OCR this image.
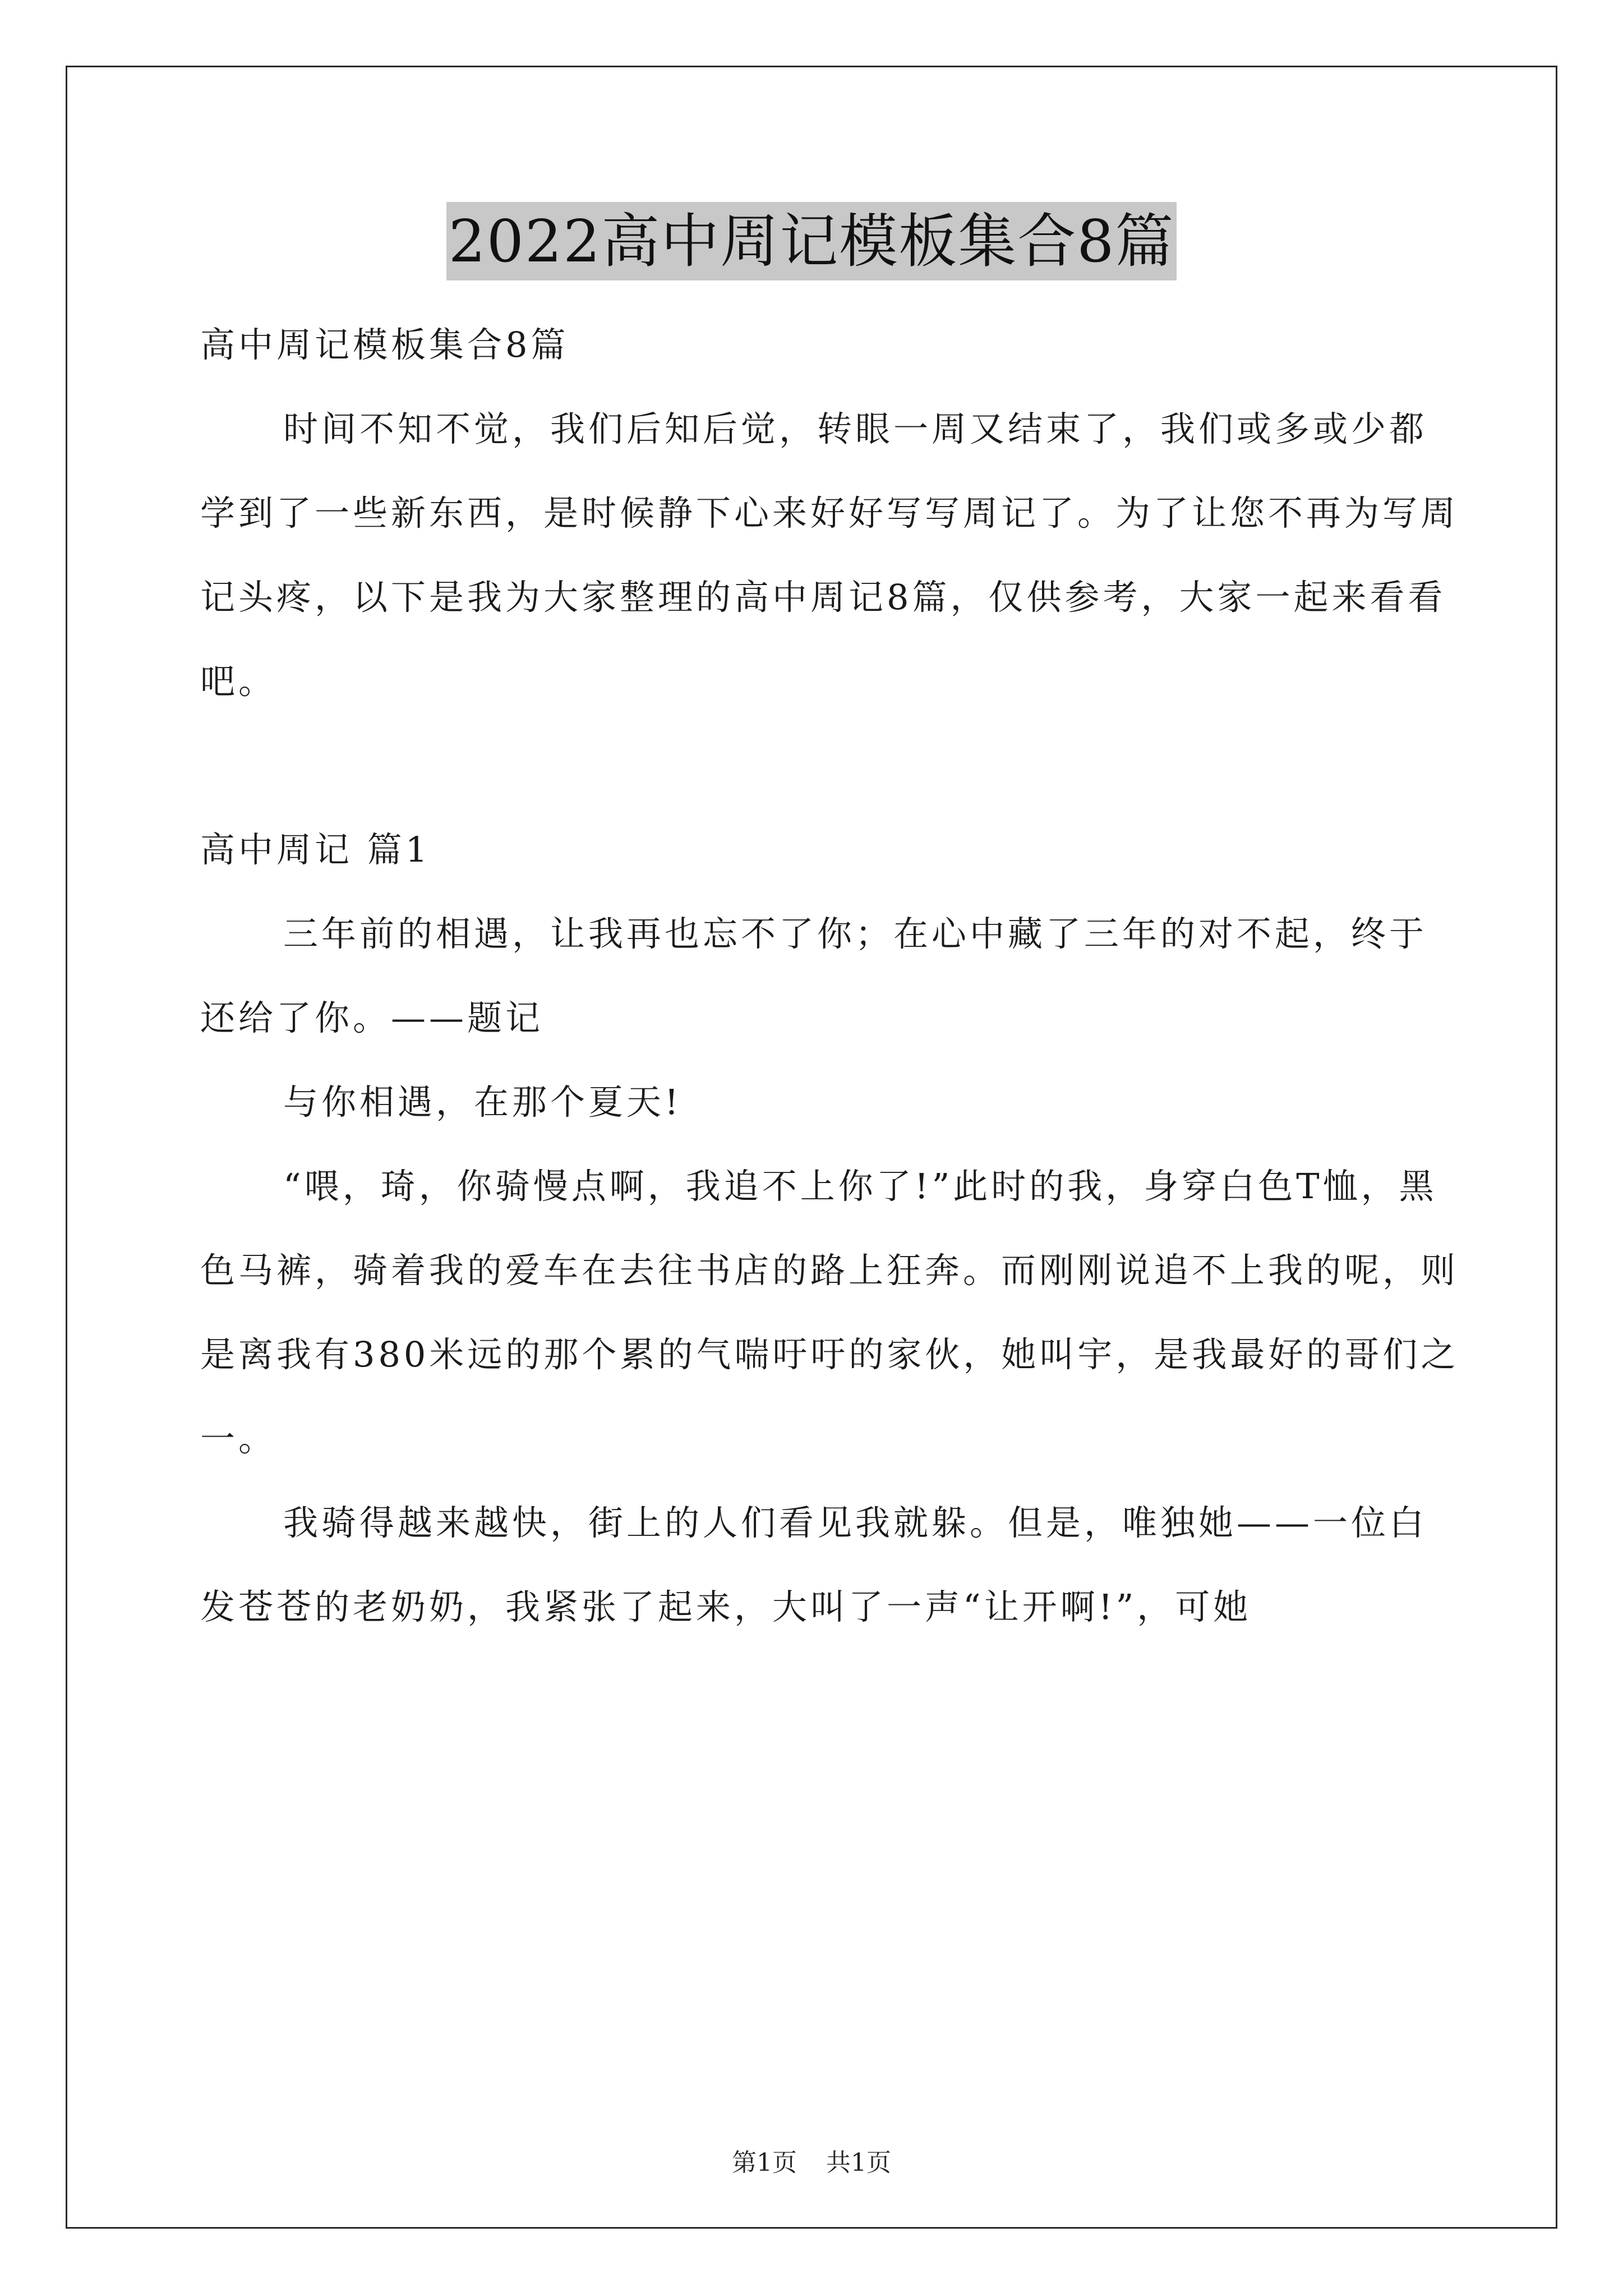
2022高中周记模板集合8篇

高中周记模板集合8篇

时间不知不觉，我们后知后觉，转眼一周又结束了，我们或多或少都学到了一些新东西，是时候静下心来好好写写周记了。为了让您不再为写周记头疼，以下是我为大家整理的高中周记8篇，仅供参考，大家一起来看看吧。

高中周记 篇1

三年前的相遇，让我再也忘不了你；在心中藏了三年的对不起，终于还给了你。——题记

与你相遇，在那个夏天!

“喂，琦，你骑慢点啊，我追不上你了!”此时的我，身穿白色T恤，黑色马裤，骑着我的爱车在去往书店的路上狂奔。而刚刚说追不上我的呢，则是离我有380米远的那个累的气喘吁吁的家伙，她叫宇，是我最好的哥们之一。

我骑得越来越快，街上的人们看见我就躲。但是，唯独她——一位白发苍苍的老奶奶，我紧张了起来，大叫了一声“让开啊!”，可她

第1页 共1页
